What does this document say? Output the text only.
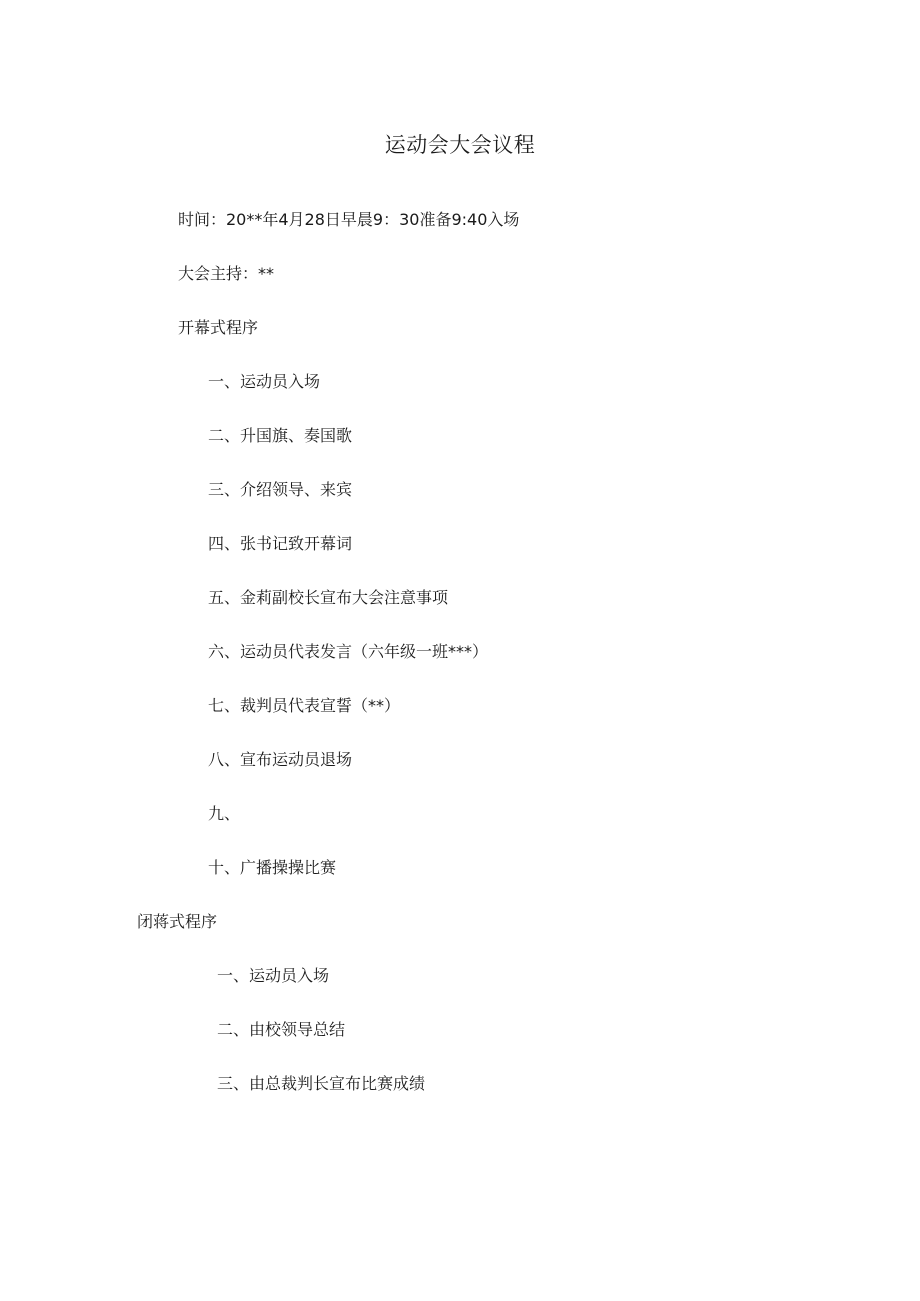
运动会大会议程
时间：20**年4月28日早晨9：30准备9:40入场
大会主持：**
开幕式程序
一、运动员入场
二、升国旗、奏国歌
三、介绍领导、来宾
四、张书记致开幕词
五、金莉副校长宣布大会注意事项
六、运动员代表发言（六年级一班***）
七、裁判员代表宣誓（**）
八、宣布运动员退场
九、
十、广播操操比赛
闭蒋式程序
一、运动员入场
二、由校领导总结
三、由总裁判长宣布比赛成绩
